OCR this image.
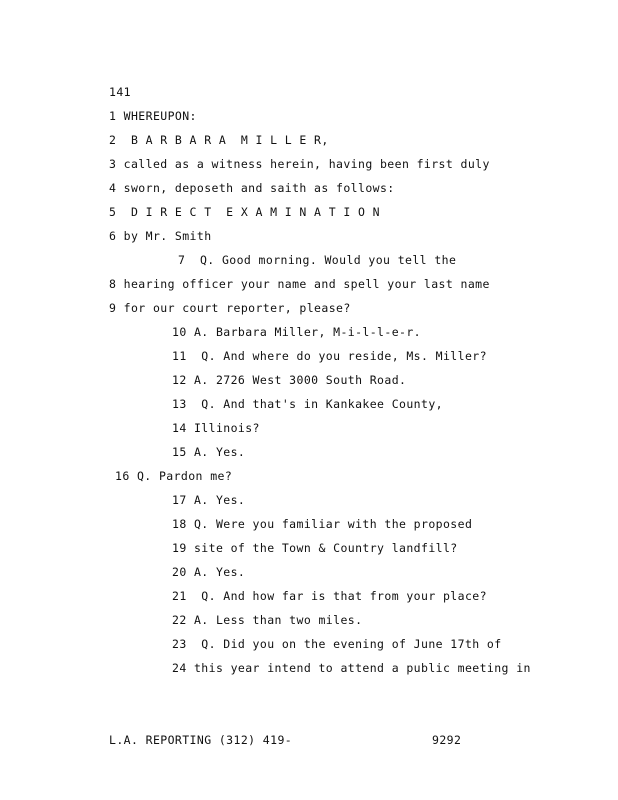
141
1 WHEREUPON:
2  B A R B A R A  M I L L E R,
3 called as a witness herein, having been first duly
4 sworn, deposeth and saith as follows:
5  D I R E C T  E X A M I N A T I O N
6 by Mr. Smith
7  Q. Good morning. Would you tell the
8 hearing officer your name and spell your last name
9 for our court reporter, please?
10 A. Barbara Miller, M-i-l-l-e-r.
11  Q. And where do you reside, Ms. Miller?
12 A. 2726 West 3000 South Road.
13  Q. And that's in Kankakee County,
14 Illinois?
15 A. Yes.
16 Q. Pardon me?
17 A. Yes.
18 Q. Were you familiar with the proposed
19 site of the Town & Country landfill?
20 A. Yes.
21  Q. And how far is that from your place?
22 A. Less than two miles.
23  Q. Did you on the evening of June 17th of
24 this year intend to attend a public meeting in
L.A. REPORTING (312) 419-	9292
